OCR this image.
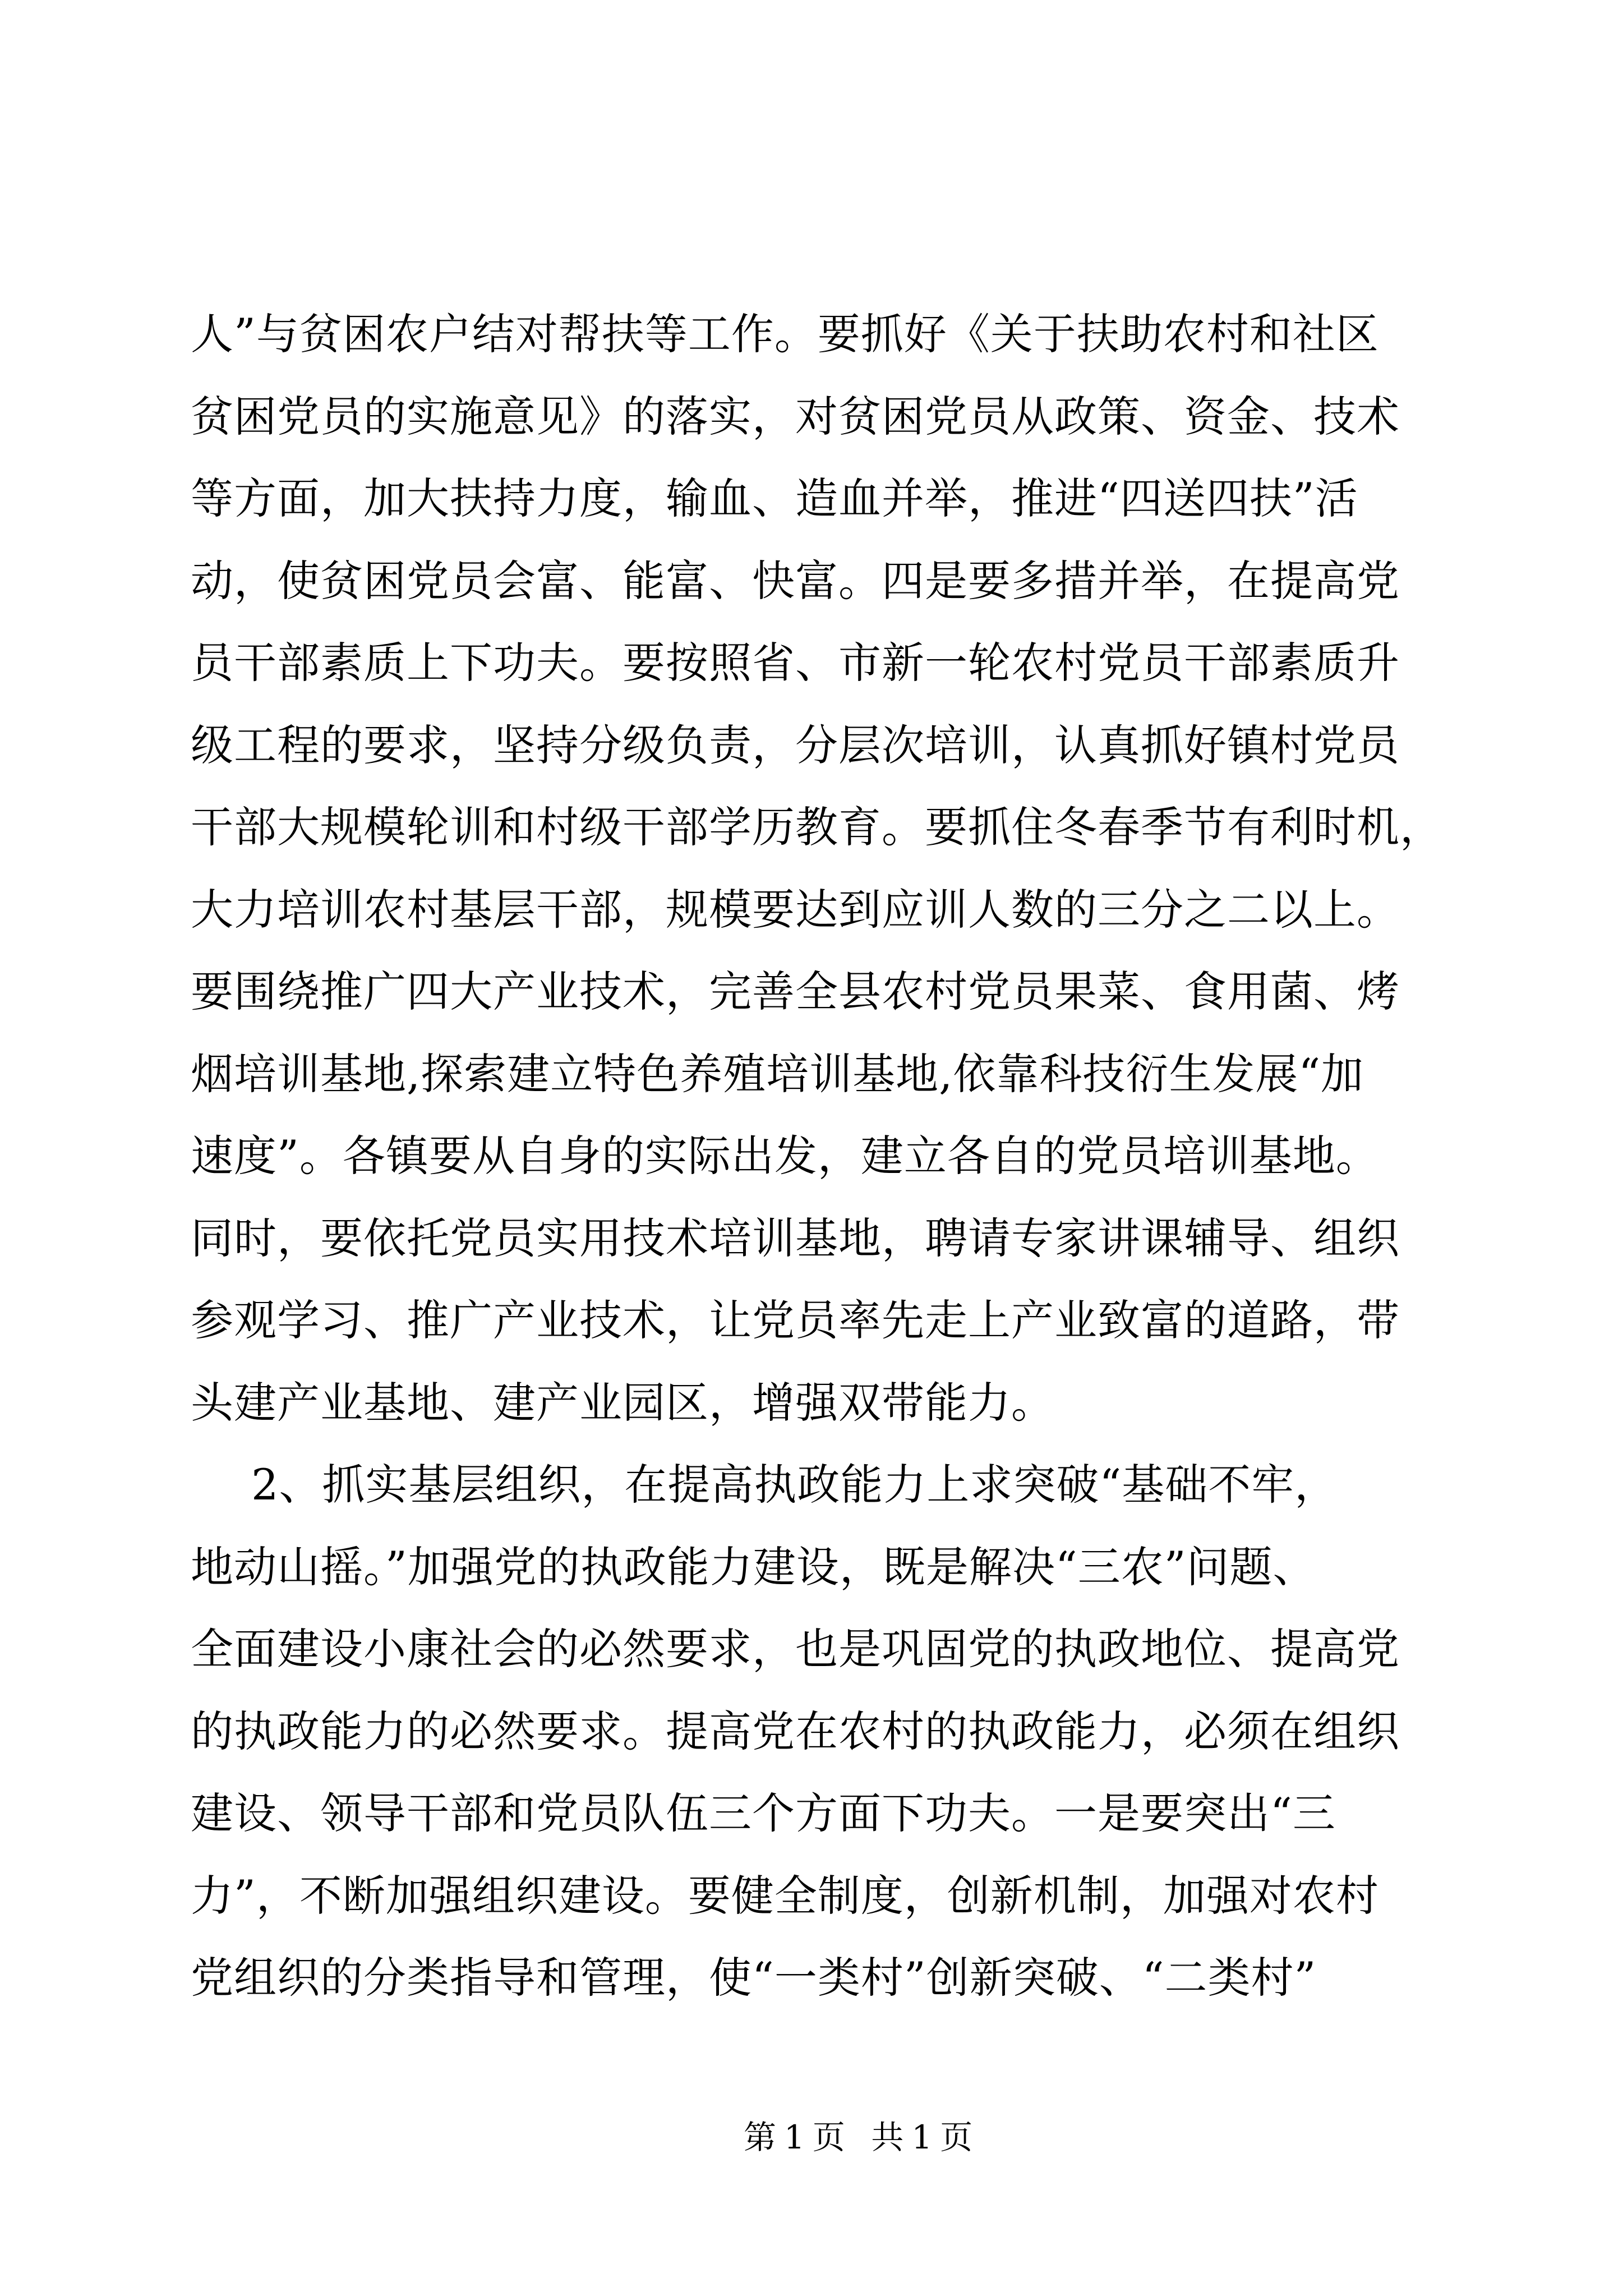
人”与贫困农户结对帮扶等工作。要抓好《关于扶助农村和社区
贫困党员的实施意见》的落实，对贫困党员从政策、资金、技术
等方面，加大扶持力度，输血、造血并举，推进“四送四扶”活
动，使贫困党员会富、能富、快富。四是要多措并举，在提高党
员干部素质上下功夫。要按照省、市新一轮农村党员干部素质升
级工程的要求，坚持分级负责，分层次培训，认真抓好镇村党员
干部大规模轮训和村级干部学历教育。要抓住冬春季节有利时机，
大力培训农村基层干部，规模要达到应训人数的三分之二以上。
要围绕推广四大产业技术，完善全县农村党员果菜、食用菌、烤
烟培训基地,探索建立特色养殖培训基地,依靠科技衍生发展“加
速度”。各镇要从自身的实际出发，建立各自的党员培训基地。
同时，要依托党员实用技术培训基地，聘请专家讲课辅导、组织
参观学习、推广产业技术，让党员率先走上产业致富的道路，带
头建产业基地、建产业园区，增强双带能力。
2、抓实基层组织，在提高执政能力上求突破“基础不牢，
地动山摇。”加强党的执政能力建设，既是解决“三农”问题、
全面建设小康社会的必然要求，也是巩固党的执政地位、提高党
的执政能力的必然要求。提高党在农村的执政能力，必须在组织
建设、领导干部和党员队伍三个方面下功夫。一是要突出“三
力”，不断加强组织建设。要健全制度，创新机制，加强对农村
党组织的分类指导和管理，使“一类村”创新突破、“二类村”
第1页 共1页
